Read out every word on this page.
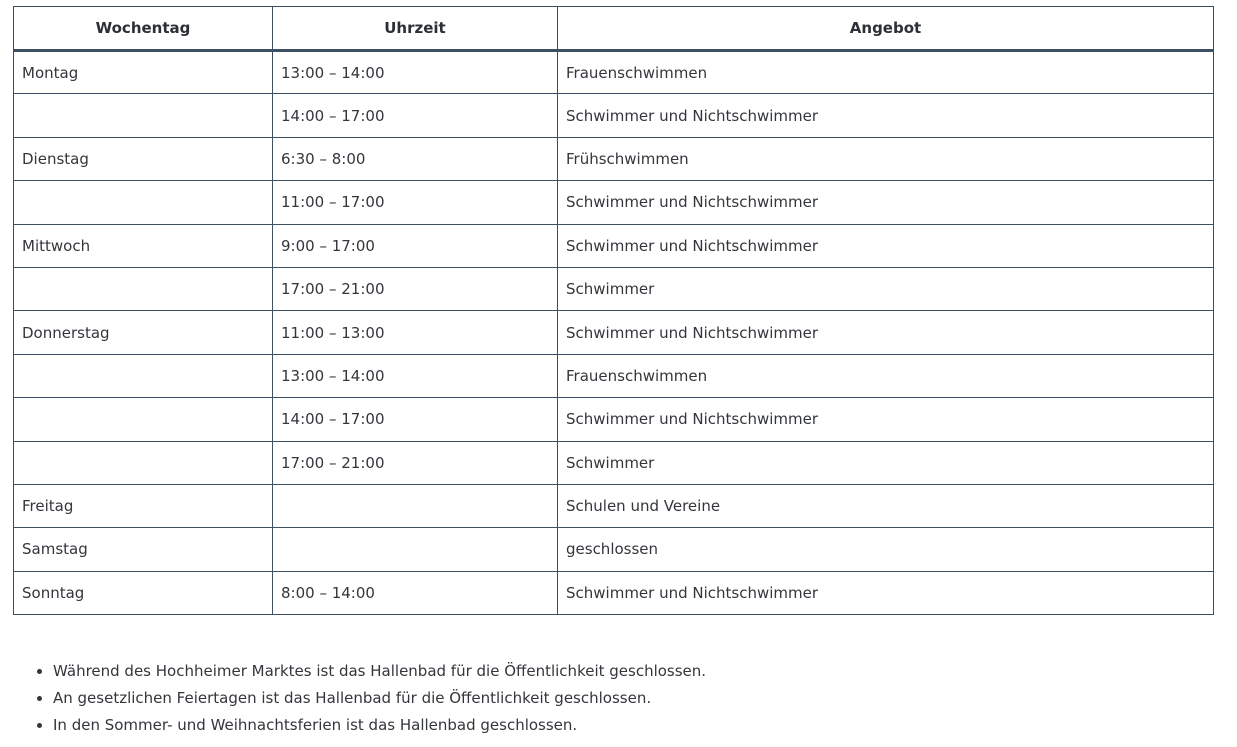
Wochentag	Uhrzeit	Angebot
Montag	13:00 – 14:00	Frauenschwimmen
	14:00 – 17:00	Schwimmer und Nichtschwimmer
Dienstag	6:30 – 8:00	Frühschwimmen
	11:00 – 17:00	Schwimmer und Nichtschwimmer
Mittwoch	9:00 – 17:00	Schwimmer und Nichtschwimmer
	17:00 – 21:00	Schwimmer
Donnerstag	11:00 – 13:00	Schwimmer und Nichtschwimmer
	13:00 – 14:00	Frauenschwimmen
	14:00 – 17:00	Schwimmer und Nichtschwimmer
	17:00 – 21:00	Schwimmer
Freitag		Schulen und Vereine
Samstag		geschlossen
Sonntag	8:00 – 14:00	Schwimmer und Nichtschwimmer
• Während des Hochheimer Marktes ist das Hallenbad für die Öffentlichkeit geschlossen.
• An gesetzlichen Feiertagen ist das Hallenbad für die Öffentlichkeit geschlossen.
• In den Sommer- und Weihnachtsferien ist das Hallenbad geschlossen.
